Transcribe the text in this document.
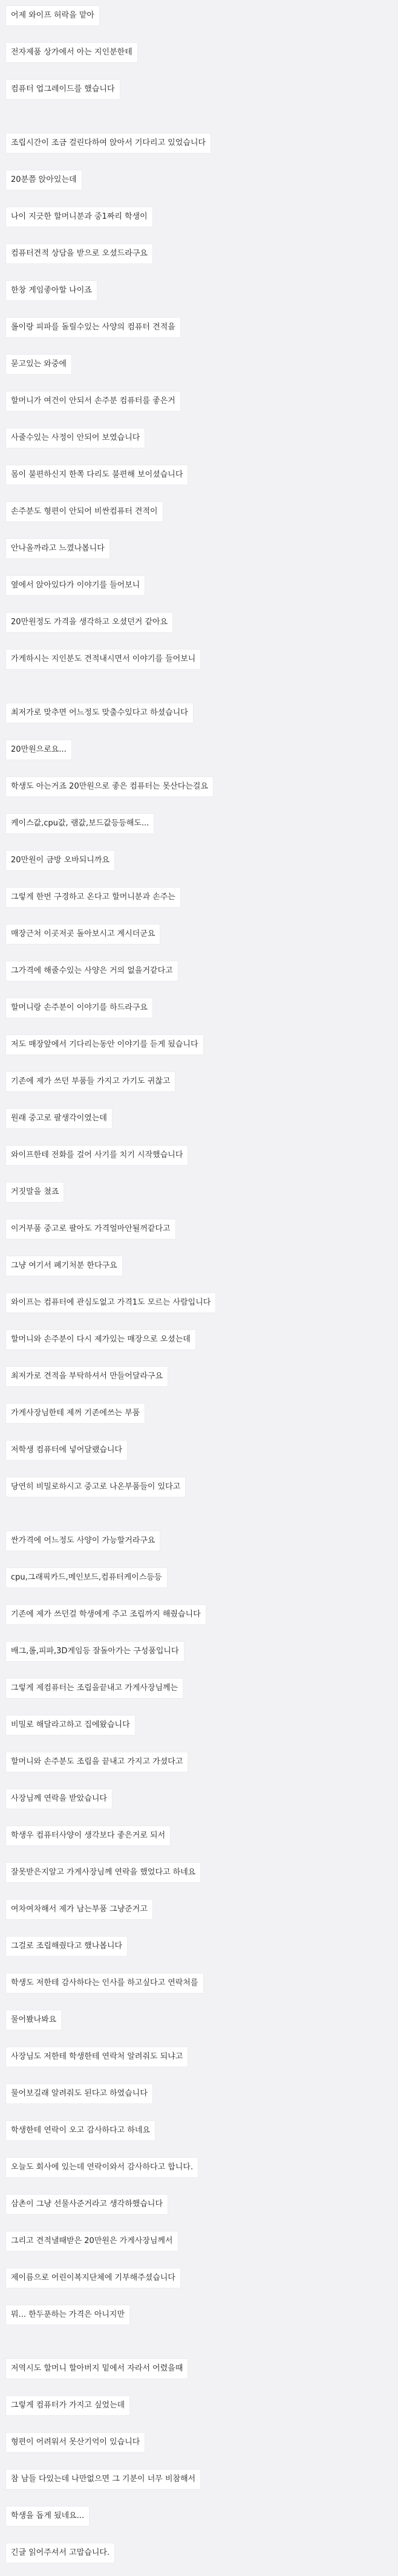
어제 와이프 허락을 맡아
전자제품 상가에서 아는 지인분한테
컴퓨터 업그레이드를 했습니다
조립시간이 조금 걸린다하여 앉아서 기다리고 있었습니다
20분쯤 앉아있는데
나이 지긋한 할머니분과 중1짜리 학생이
컴퓨터견적 상담을 받으로 오셨드라구요
한창 게임좋아할 나이죠
롤이랑 피파를 돌릴수있는 사양의 컴퓨터 견적을
묻고있는 와중에
할머니가 여건이 안되서 손주분 컴퓨터를 좋은거
사줄수있는 사정이 안되어 보였습니다
몸이 불편하신지 한쪽 다리도 불편해 보이셨습니다
손주분도 형편이 안되어 비싼컴퓨터 견적이
안나올까라고 느꼈나봅니다
옆에서 앉아있다가 이야기를 들어보니
20만원정도 가격을 생각하고 오셨던거 같아요
가게하시는 지인분도 견적내시면서 이야기를 들어보니
최저가로 맞추면 어느정도 맞출수있다고 하셨습니다
20만원으로요...
학생도 아는거죠 20만원으로 좋은 컴퓨터는 못산다는걸요
케이스값,cpu값, 램값,보드값등등해도...
20만원이 금방 오바되니까요
그렇게 한번 구경하고 온다고 할머니분과 손주는
매장근처 이곳저곳 돌아보시고 계시더군요
그가격에 해줄수있는 사양은 거의 없을거같다고
할머니랑 손주분이 이야기를 하드라구요
저도 매장앞에서 기다리는동안 이야기를 듣게 됬습니다
기존에 제가 쓰던 부품들 가지고 가기도 귀찮고
원래 중고로 팔생각이였는데
와이프한테 전화를 걸어 사기를 치기 시작했습니다
거짓말을 쳤죠
이거부품 중고로 팔아도 가격얼마안될꺼같다고
그냥 여기서 폐기처분 한다구요
와이프는 컴퓨터에 관심도없고 가격1도 모르는 사람입니다
할머니와 손주분이 다시 제가있는 매장으로 오셨는데
최저가로 견적을 부탁하셔서 만들어달라구요
가게사장님한테 제꺼 기존에쓰는 부품
저학생 컴퓨터에 넣어달랬습니다
당연히 비밀로하시고 중고로 나온부품들이 있다고
싼가격에 어느정도 사양이 가능할거라구요
cpu,그래픽카드,메인보드,컴퓨터케이스등등
기존에 제가 쓰던걸 학생에게 주고 조립까지 해줬습니다
배그,롤,피파,3D게임등 잘돌아가는 구성품입니다
그렇게 제컴퓨터는 조립을끝내고 가게사장님께는
비밀로 해달라고하고 집에왔습니다
할머니와 손주분도 조립을 끝내고 가지고 가셨다고
사장님께 연락을 받았습니다
학생우 컴퓨터사양이 생각보다 좋은거로 되서
잘못받은지알고 가게사장님께 연락을 했었다고 하네요
여차여차해서 제가 남는부품 그냥준거고
그걸로 조립해줬다고 했나봅니다
학생도 저한테 감사하다는 인사를 하고싶다고 연락처를
물어봤나봐요
사장님도 저한테 학생한테 연락처 알려줘도 되냐고
물어보길래 알려줘도 된다고 하였습니다
학생한테 연락이 오고 감사하다고 하네요
오늘도 회사에 있는데 연락이와서 감사하다고 합니다.
삼촌이 그냥 선물사준거라고 생각하했습니다
그리고 견적낼때받은 20만원은 가게사장님께서
제이름으로 어린이복지단체에 기부해주셨습니다
뭐... 한두푼하는 가격은 아니지만
저역시도 할머니 할아버지 밑에서 자라서 어렸을때
그렇게 컴퓨터가 가지고 싶었는데
형편이 어려워서 못산기억이 있습니다
참 남들 다있는데 나만없으면 그 기분이 너무 비참해서
학생을 돕게 됬네요...
긴글 읽어주셔서 고맙습니다.
